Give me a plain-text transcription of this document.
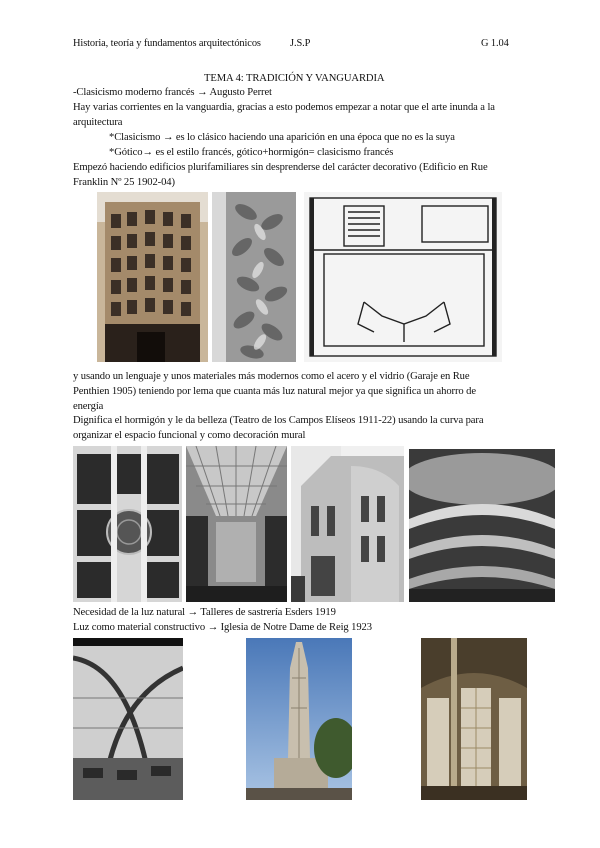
Historia, teoría y fundamentos arquitectónicos	J.S.P	G 1.04
TEMA 4: TRADICIÓN Y VANGUARDIA
-Clasicismo moderno francés → Augusto Perret
Hay varias corrientes en la vanguardia, gracias a esto podemos empezar a notar que el arte inunda a la
arquitectura
*Clasicismo → es lo clásico haciendo una aparición en una época que no es la suya
*Gótico→ es el estilo francés, gótico+hormigón= clasicismo francés
Empezó haciendo edificios plurifamiliares sin desprenderse del carácter decorativo (Edificio en Rue
Franklin Nº 25 1902-04)
y usando un lenguaje y unos materiales más modernos como el acero y el vidrio (Garaje en Rue
Penthien 1905) teniendo por lema que cuanta más luz natural mejor ya que significa un ahorro de
energía
Dignifica el hormigón y le da belleza (Teatro de los Campos Elíseos 1911-22) usando la curva para
organizar el espacio funcional y como decoración mural
Necesidad de la luz natural → Talleres de sastrería Esders 1919
Luz como material constructivo → Iglesia de Notre Dame de Reig 1923
